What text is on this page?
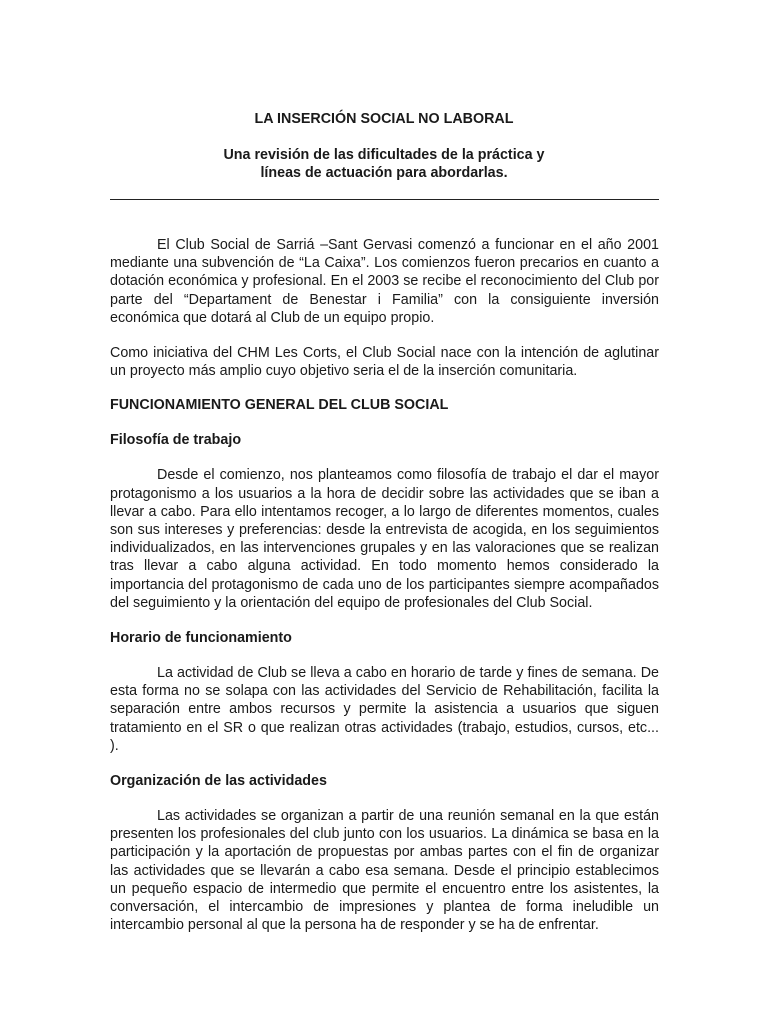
LA INSERCIÓN SOCIAL NO LABORAL
Una revisión de las dificultades de la práctica y
líneas de actuación para abordarlas.

El Club Social de Sarriá –Sant Gervasi comenzó a funcionar en el año 2001 mediante una subvención de “La Caixa”. Los comienzos fueron precarios en cuanto a dotación económica y profesional. En el 2003 se recibe el reconocimiento del Club por parte del “Departament de Benestar i Familia” con la consiguiente inversión económica que dotará al Club de un equipo propio.

Como iniciativa del CHM Les Corts, el Club Social nace con la intención de aglutinar un proyecto más amplio cuyo objetivo seria el de la inserción comunitaria.

FUNCIONAMIENTO GENERAL DEL CLUB SOCIAL

Filosofía de trabajo

Desde el comienzo, nos planteamos como filosofía de trabajo el dar el mayor protagonismo a los usuarios a la hora de decidir sobre las actividades que se iban a llevar a cabo. Para ello intentamos recoger, a lo largo de diferentes momentos, cuales son sus intereses y preferencias: desde la entrevista de acogida, en los seguimientos individualizados, en las intervenciones grupales y en las valoraciones que se realizan tras llevar a cabo alguna actividad. En todo momento hemos considerado la importancia del protagonismo de cada uno de los participantes siempre acompañados del seguimiento y la orientación del equipo de profesionales del Club Social.

Horario de funcionamiento

La actividad de Club se lleva a cabo en horario de tarde y fines de semana. De esta forma no se solapa con las actividades del Servicio de Rehabilitación, facilita la separación entre ambos recursos y permite la asistencia a usuarios que siguen tratamiento en el SR o que realizan otras actividades (trabajo, estudios, cursos, etc... ).

Organización de las actividades

Las actividades se organizan a partir de una reunión semanal en la que están presenten los profesionales del club junto con los usuarios. La dinámica se basa en la participación y la aportación de propuestas por ambas partes con el fin de organizar las actividades que se llevarán a cabo esa semana. Desde el principio establecimos un pequeño espacio de intermedio que permite el encuentro entre los asistentes, la conversación, el intercambio de impresiones y plantea de forma ineludible un intercambio personal al que la persona ha de responder y se ha de enfrentar.
